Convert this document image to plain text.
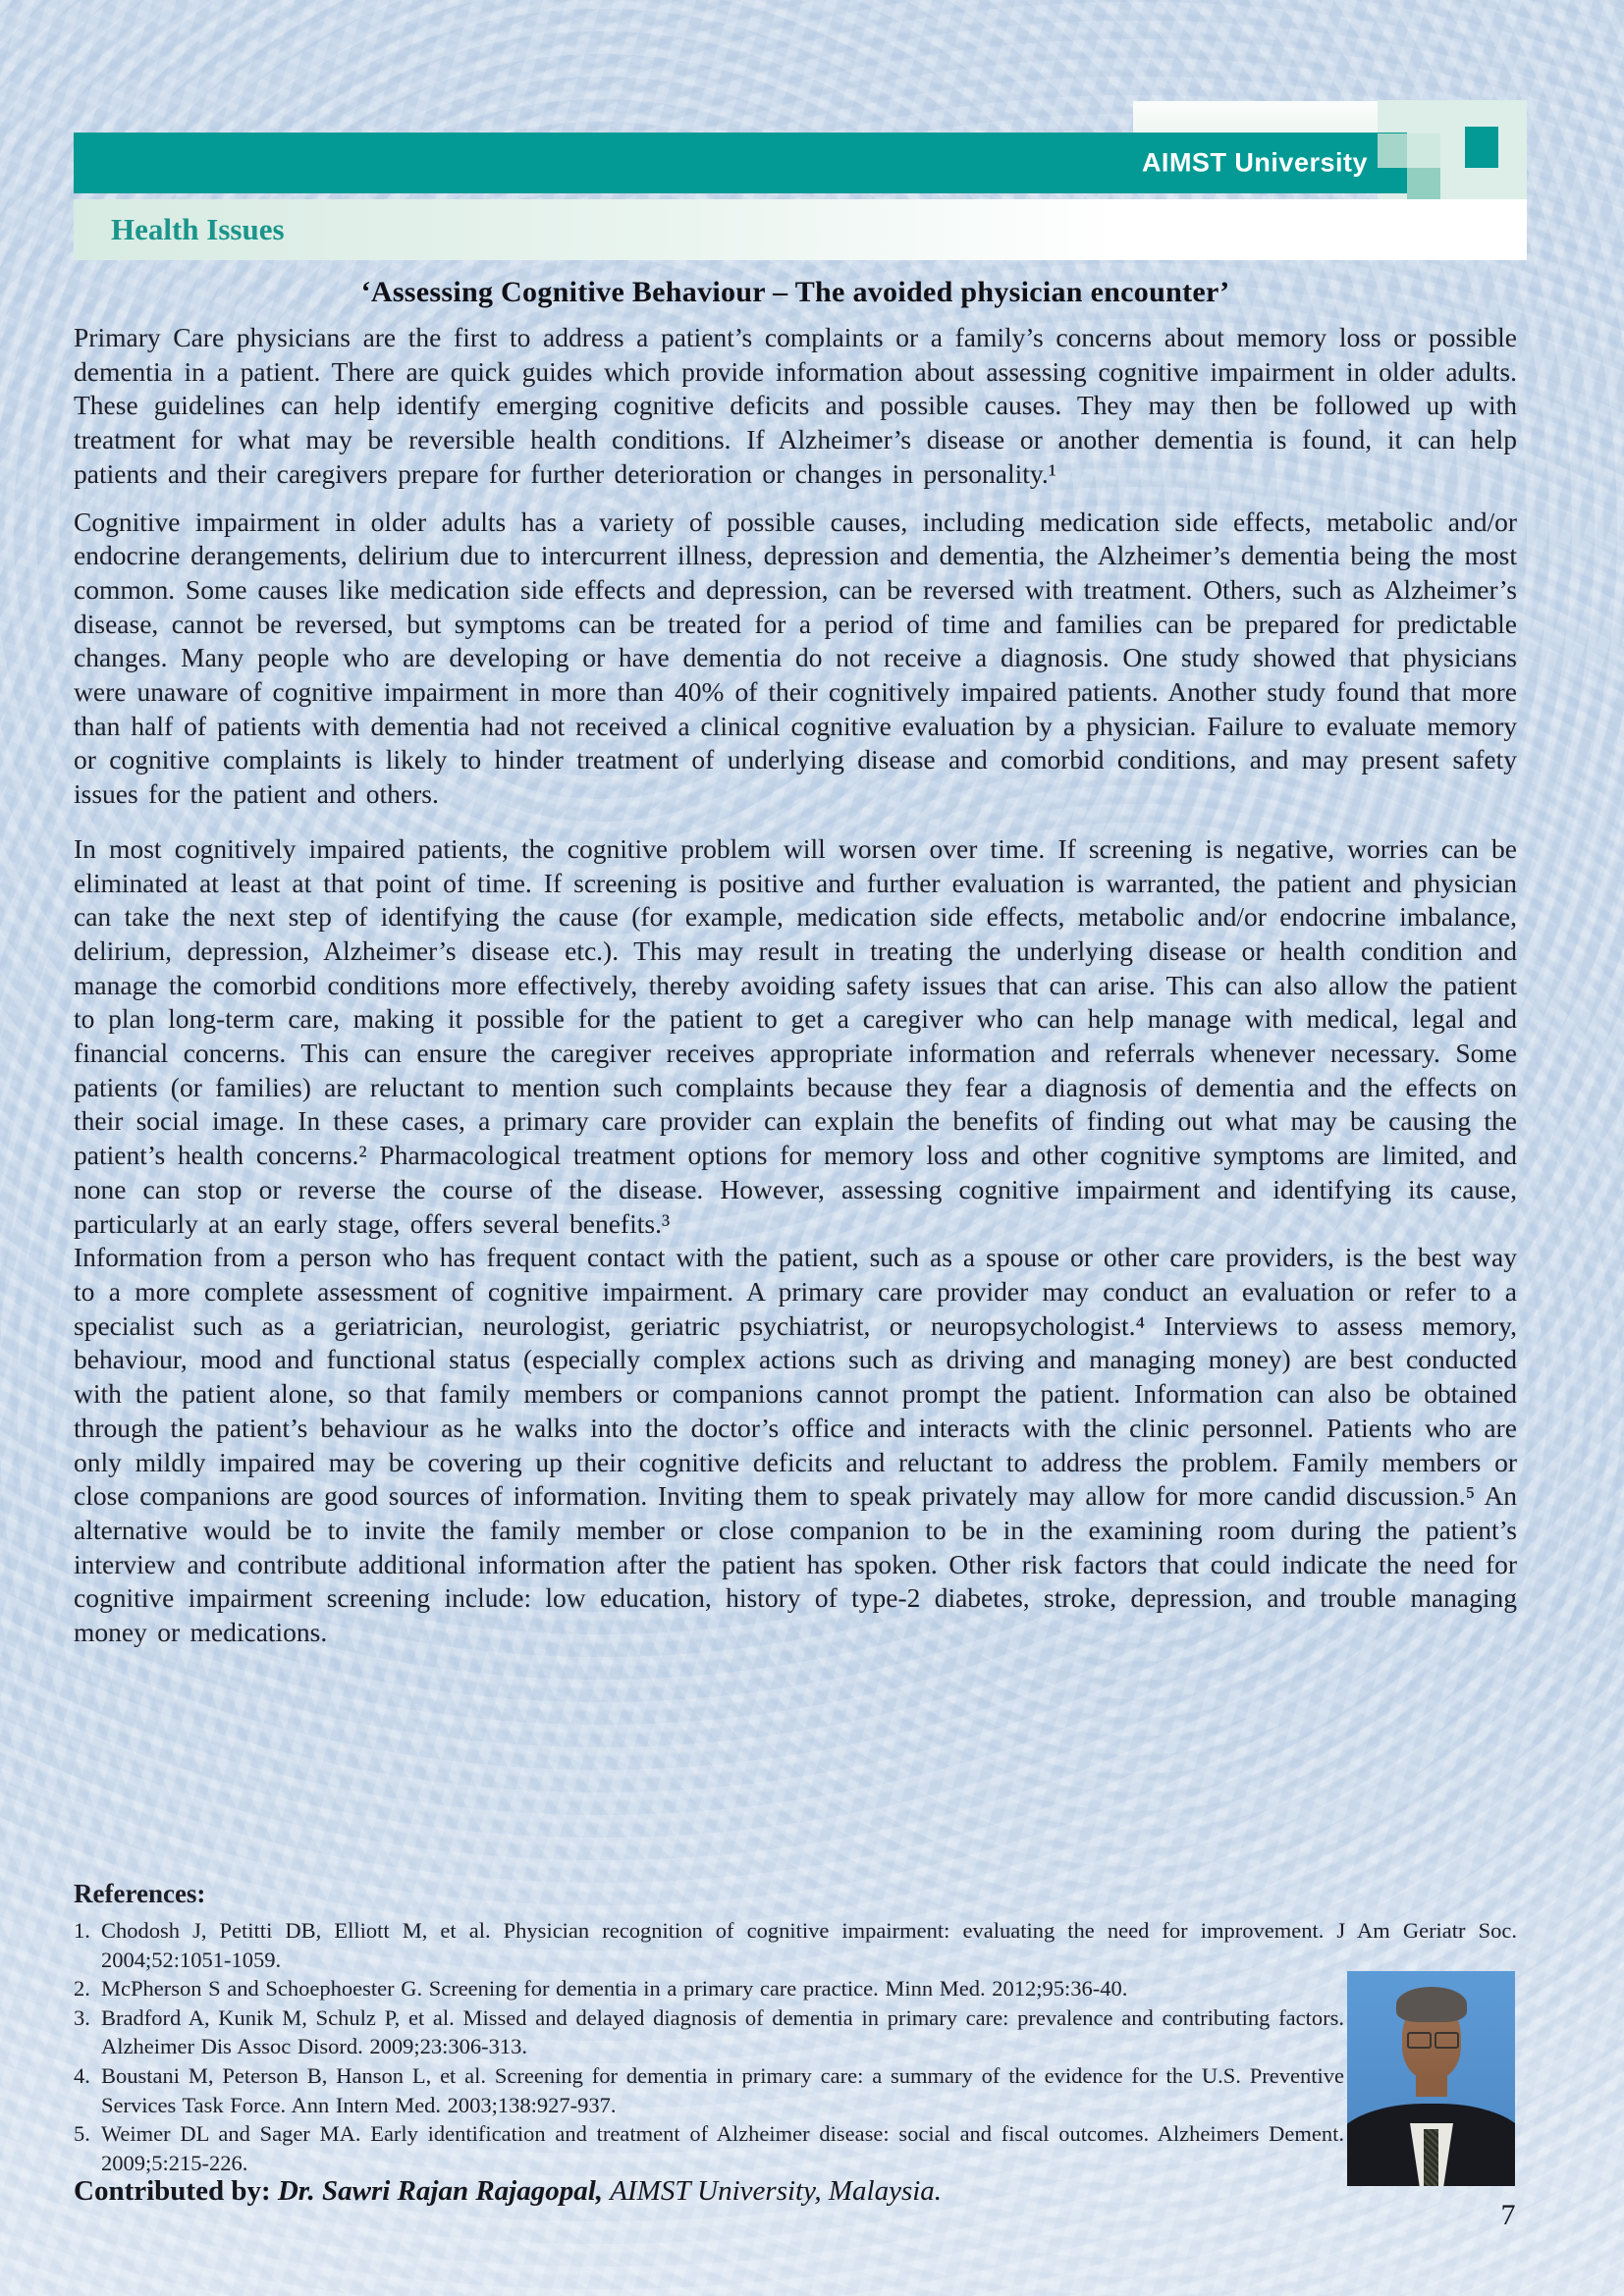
AIMST University
Health Issues
‘Assessing Cognitive Behaviour – The avoided physician encounter’

Primary Care physicians are the first to address a patient’s complaints or a family’s concerns about memory loss or possible dementia in a patient. There are quick guides which provide information about assessing cognitive impairment in older adults. These guidelines can help identify emerging cognitive deficits and possible causes. They may then be followed up with treatment for what may be reversible health conditions. If Alzheimer’s disease or another dementia is found, it can help patients and their caregivers prepare for further deterioration or changes in personality.¹

Cognitive impairment in older adults has a variety of possible causes, including medication side effects, metabolic and/or endocrine derangements, delirium due to intercurrent illness, depression and dementia, the Alzheimer’s dementia being the most common. Some causes like medication side effects and depression, can be reversed with treatment. Others, such as Alzheimer’s disease, cannot be reversed, but symptoms can be treated for a period of time and families can be prepared for predictable changes. Many people who are developing or have dementia do not receive a diagnosis. One study showed that physicians were unaware of cognitive impairment in more than 40% of their cognitively impaired patients. Another study found that more than half of patients with dementia had not received a clinical cognitive evaluation by a physician. Failure to evaluate memory or cognitive complaints is likely to hinder treatment of underlying disease and comorbid conditions, and may present safety issues for the patient and others.

In most cognitively impaired patients, the cognitive problem will worsen over time. If screening is negative, worries can be eliminated at least at that point of time. If screening is positive and further evaluation is warranted, the patient and physician can take the next step of identifying the cause (for example, medication side effects, metabolic and/or endocrine imbalance, delirium, depression, Alzheimer’s disease etc.). This may result in treating the underlying disease or health condition and manage the comorbid conditions more effectively, thereby avoiding safety issues that can arise. This can also allow the patient to plan long-term care, making it possible for the patient to get a caregiver who can help manage with medical, legal and financial concerns. This can ensure the caregiver receives appropriate information and referrals whenever necessary. Some patients (or families) are reluctant to mention such complaints because they fear a diagnosis of dementia and the effects on their social image. In these cases, a primary care provider can explain the benefits of finding out what may be causing the patient’s health concerns.² Pharmacological treatment options for memory loss and other cognitive symptoms are limited, and none can stop or reverse the course of the disease. However, assessing cognitive impairment and identifying its cause, particularly at an early stage, offers several benefits.³

Information from a person who has frequent contact with the patient, such as a spouse or other care providers, is the best way to a more complete assessment of cognitive impairment. A primary care provider may conduct an evaluation or refer to a specialist such as a geriatrician, neurologist, geriatric psychiatrist, or neuropsychologist.⁴ Interviews to assess memory, behaviour, mood and functional status (especially complex actions such as driving and managing money) are best conducted with the patient alone, so that family members or companions cannot prompt the patient. Information can also be obtained through the patient’s behaviour as he walks into the doctor’s office and interacts with the clinic personnel. Patients who are only mildly impaired may be covering up their cognitive deficits and reluctant to address the problem. Family members or close companions are good sources of information. Inviting them to speak privately may allow for more candid discussion.⁵ An alternative would be to invite the family member or close companion to be in the examining room during the patient’s interview and contribute additional information after the patient has spoken. Other risk factors that could indicate the need for cognitive impairment screening include: low education, history of type-2 diabetes, stroke, depression, and trouble managing money or medications.

References:
1. Chodosh J, Petitti DB, Elliott M, et al. Physician recognition of cognitive impairment: evaluating the need for improvement. J Am Geriatr Soc. 2004;52:1051-1059.
2. McPherson S and Schoephoester G. Screening for dementia in a primary care practice. Minn Med. 2012;95:36-40.
3. Bradford A, Kunik M, Schulz P, et al. Missed and delayed diagnosis of dementia in primary care: prevalence and contributing factors. Alzheimer Dis Assoc Disord. 2009;23:306-313.
4. Boustani M, Peterson B, Hanson L, et al. Screening for dementia in primary care: a summary of the evidence for the U.S. Preventive Services Task Force. Ann Intern Med. 2003;138:927-937.
5. Weimer DL and Sager MA. Early identification and treatment of Alzheimer disease: social and fiscal outcomes. Alzheimers Dement. 2009;5:215-226.
Contributed by: Dr. Sawri Rajan Rajagopal, AIMST University, Malaysia.
7
